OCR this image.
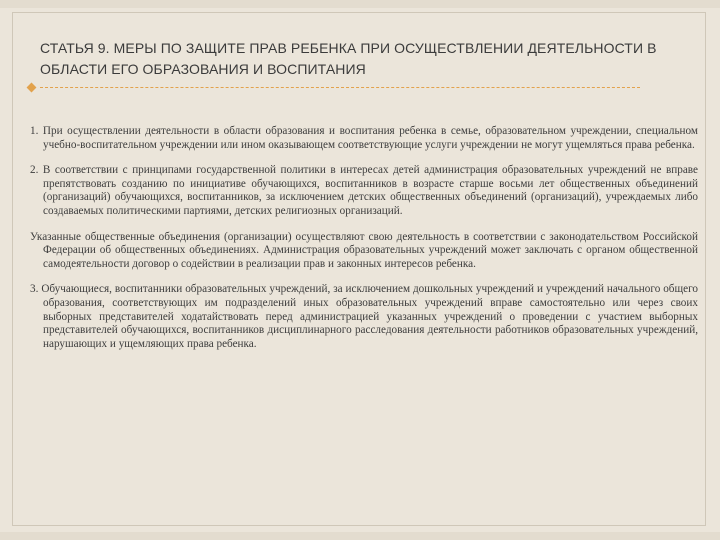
СТАТЬЯ 9. МЕРЫ ПО ЗАЩИТЕ ПРАВ РЕБЕНКА ПРИ ОСУЩЕСТВЛЕНИИ ДЕЯТЕЛЬНОСТИ В ОБЛАСТИ ЕГО ОБРАЗОВАНИЯ И ВОСПИТАНИЯ

1. При осуществлении деятельности в области образования и воспитания ребенка в семье, образовательном учреждении, специальном учебно-воспитательном учреждении или ином оказывающем соответствующие услуги учреждении не могут ущемляться права ребенка.

2. В соответствии с принципами государственной политики в интересах детей администрация образовательных учреждений не вправе препятствовать созданию по инициативе обучающихся, воспитанников в возрасте старше восьми лет общественных объединений (организаций) обучающихся, воспитанников, за исключением детских общественных объединений (организаций), учреждаемых либо создаваемых политическими партиями, детских религиозных организаций.

Указанные общественные объединения (организации) осуществляют свою деятельность в соответствии с законодательством Российской Федерации об общественных объединениях. Администрация образовательных учреждений может заключать с органом общественной самодеятельности договор о содействии в реализации прав и законных интересов ребенка.

3. Обучающиеся, воспитанники образовательных учреждений, за исключением дошкольных учреждений и учреждений начального общего образования, соответствующих им подразделений иных образовательных учреждений вправе самостоятельно или через своих выборных представителей ходатайствовать перед администрацией указанных учреждений о проведении с участием выборных представителей обучающихся, воспитанников дисциплинарного расследования деятельности работников образовательных учреждений, нарушающих и ущемляющих права ребенка.
